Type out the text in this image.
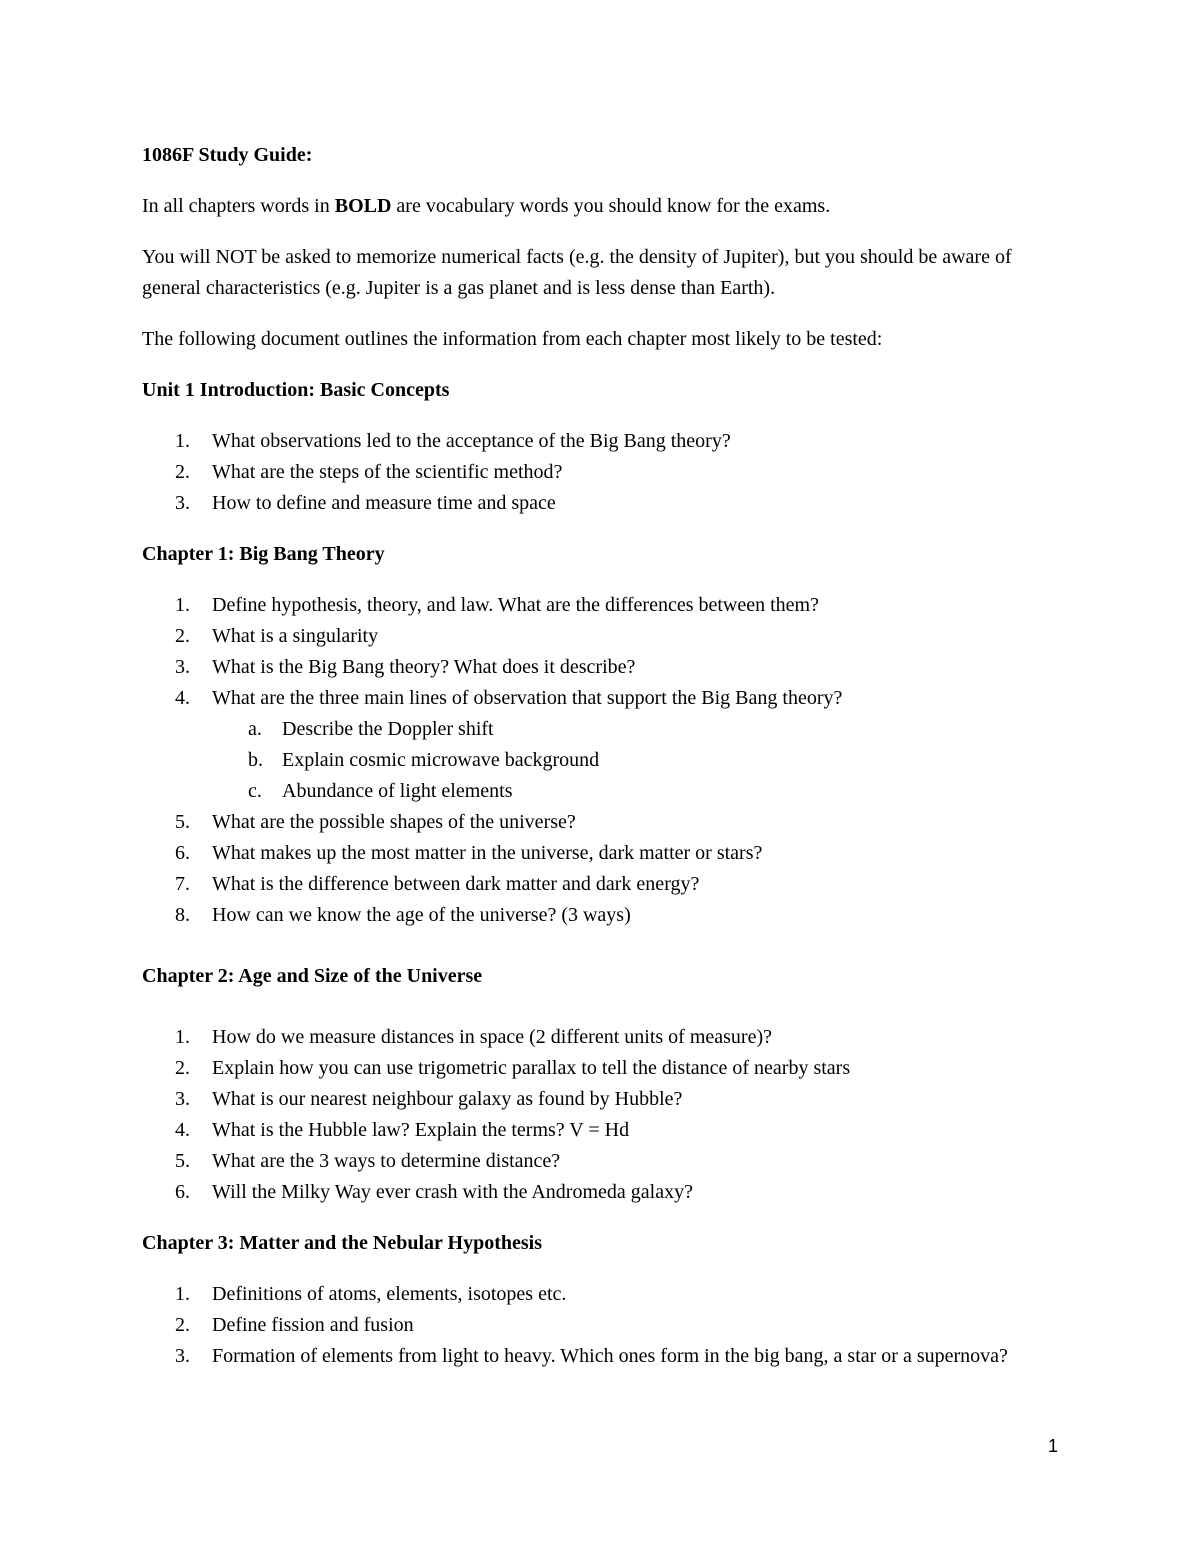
1086F Study Guide:
In all chapters words in BOLD are vocabulary words you should know for the exams.
You will NOT be asked to memorize numerical facts (e.g. the density of Jupiter), but you should be aware of general characteristics (e.g. Jupiter is a gas planet and is less dense than Earth).
The following document outlines the information from each chapter most likely to be tested:
Unit 1 Introduction: Basic Concepts
1. What observations led to the acceptance of the Big Bang theory?
2. What are the steps of the scientific method?
3. How to define and measure time and space
Chapter 1: Big Bang Theory
1. Define hypothesis, theory, and law. What are the differences between them?
2. What is a singularity
3. What is the Big Bang theory? What does it describe?
4. What are the three main lines of observation that support the Big Bang theory?
a. Describe the Doppler shift
b. Explain cosmic microwave background
c. Abundance of light elements
5. What are the possible shapes of the universe?
6. What makes up the most matter in the universe, dark matter or stars?
7. What is the difference between dark matter and dark energy?
8. How can we know the age of the universe? (3 ways)
Chapter 2: Age and Size of the Universe
1. How do we measure distances in space (2 different units of measure)?
2. Explain how you can use trigometric parallax to tell the distance of nearby stars
3. What is our nearest neighbour galaxy as found by Hubble?
4. What is the Hubble law? Explain the terms? V = Hd
5. What are the 3 ways to determine distance?
6. Will the Milky Way ever crash with the Andromeda galaxy?
Chapter 3: Matter and the Nebular Hypothesis
1. Definitions of atoms, elements, isotopes etc.
2. Define fission and fusion
3. Formation of elements from light to heavy. Which ones form in the big bang, a star or a supernova?
1
